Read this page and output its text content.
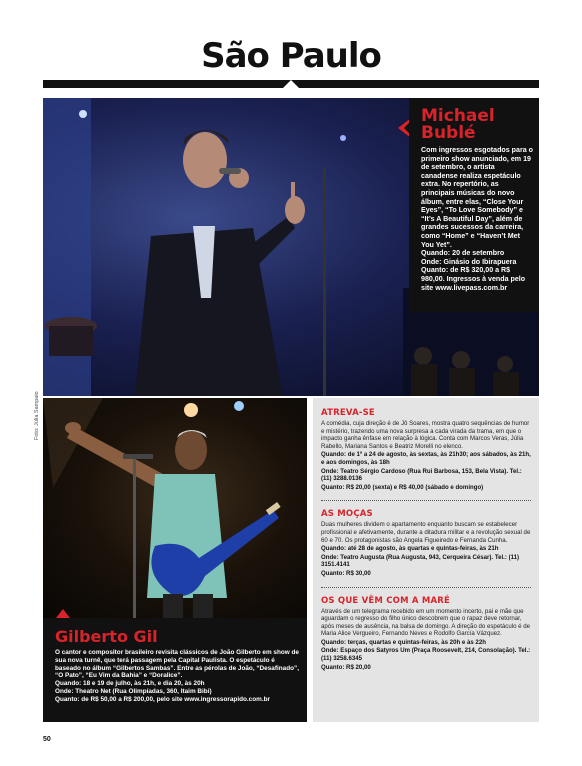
São Paulo
Michael Bublé
Com ingressos esgotados para o primeiro show anunciado, em 19 de setembro, o artista canadense realiza espetáculo extra. No repertório, as principais músicas do novo álbum, entre elas, “Close Your Eyes”, “To Love Somebody” e “It’s A Beautiful Day”, além de grandes sucessos da carreira, como “Home” e “Haven’t Met You Yet”.
Quando: 20 de setembro
Onde: Ginásio do Ibirapuera
Quanto: de R$ 320,00 a R$ 980,00. Ingressos à venda pelo site www.livepass.com.br
Foto: Júlia Sampaio
Gilberto Gil
O cantor e compositor brasileiro revisita clássicos de João Gilberto em show de sua nova turnê, que terá passagem pela Capital Paulista. O espetáculo é baseado no álbum “Gilbertos Sambas”. Entre as pérolas de João, “Desafinado”, “O Pato”, “Eu Vim da Bahia” e “Doralice”.
Quando: 18 e 19 de julho, às 21h, e dia 20, às 20h
Onde: Theatro Net (Rua Olimpíadas, 360, Itaim Bibi)
Quanto: de R$ 50,00 a R$ 200,00, pelo site www.ingressorapido.com.br
ATREVA-SE
A comédia, cuja direção é de Jô Soares, mostra quatro sequências de humor e mistério, trazendo uma nova surpresa a cada virada da trama, em que o impacto ganha ênfase em relação à lógica. Conta com Marcos Veras, Júlia Rabello, Mariana Santos e Beatriz Morelli no elenco.
Quando: de 1º a 24 de agosto, às sextas, às 21h30; aos sábados, às 21h, e aos domingos, às 18h
Onde: Teatro Sérgio Cardoso (Rua Rui Barbosa, 153, Bela Vista). Tel.: (11) 3288.0136
Quanto: R$ 20,00 (sexta) e R$ 40,00 (sábado e domingo)
AS MOÇAS
Duas mulheres dividem o apartamento enquanto buscam se estabelecer profissional e afetivamente, durante a ditadura militar e a revolução sexual de 60 e 70. Os protagonistas são Angela Figueiredo e Fernanda Cunha.
Quando: até 28 de agosto, às quartas e quintas-feiras, às 21h
Onde: Teatro Augusta (Rua Augusta, 943, Cerqueira César). Tel.: (11) 3151.4141
Quanto: R$ 30,00
OS QUE VÊM COM A MARÉ
Através de um telegrama recebido em um momento incerto, pai e mãe que aguardam o regresso do filho único descobrem que o rapaz deve retornar, após meses de ausência, na balsa de domingo. A direção do espetáculo é de Maria Alice Vergueiro, Fernando Neves e Rodolfo García Vázquez.
Quando: terças, quartas e quintas-feiras, às 20h e às 22h
Onde: Espaço dos Satyros Um (Praça Roosevelt, 214, Consolação). Tel.: (11) 3258.6345
Quanto: R$ 20,00
50
